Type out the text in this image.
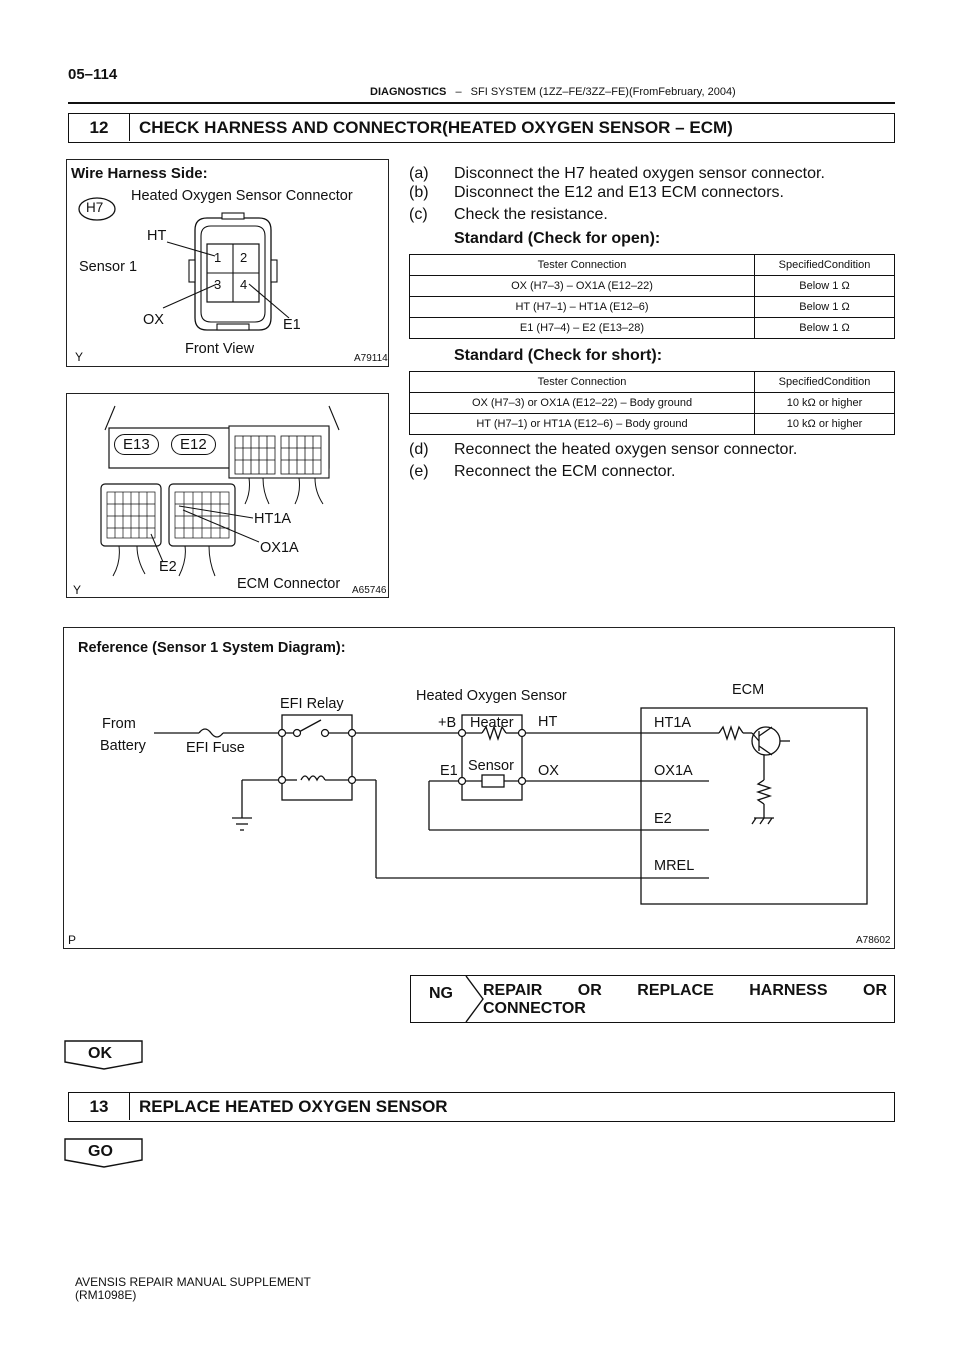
05–114
DIAGNOSTICS – SFI SYSTEM (1ZZ–FE/3ZZ–FE)(FromFebruary, 2004)
12	CHECK HARNESS AND CONNECTOR(HEATED OXYGEN SENSOR – ECM)
Wire Harness Side:
Heated Oxygen Sensor Connector
H7
HT
Sensor 1
1 2
3 4
OX	E1
Front View
Y	A79114
E13	E12
HT1A
OX1A
E2
ECM Connector
Y	A65746
(a) Disconnect the H7 heated oxygen sensor connector.
(b) Disconnect the E12 and E13 ECM connectors.
(c) Check the resistance.
Standard (Check for open):
Tester Connection	SpecifiedCondition
OX (H7–3) – OX1A (E12–22)	Below 1 Ω
HT (H7–1) – HT1A (E12–6)	Below 1 Ω
E1 (H7–4) – E2 (E13–28)	Below 1 Ω
Standard (Check for short):
Tester Connection	SpecifiedCondition
OX (H7–3) or OX1A (E12–22) – Body ground	10 kΩ or higher
HT (H7–1) or HT1A (E12–6) – Body ground	10 kΩ or higher
(d) Reconnect the heated oxygen sensor connector.
(e) Reconnect the ECM connector.
Reference (Sensor 1 System Diagram):
From
Battery	EFI Fuse
EFI Relay	Heated Oxygen Sensor
+B Heater HT
E1 Sensor OX
ECM
HT1A
OX1A
E2
MREL
P	A78602
NG REPAIR OR REPLACE HARNESS OR
CONNECTOR
OK
13	REPLACE HEATED OXYGEN SENSOR
GO
AVENSIS REPAIR MANUAL SUPPLEMENT
(RM1098E)
